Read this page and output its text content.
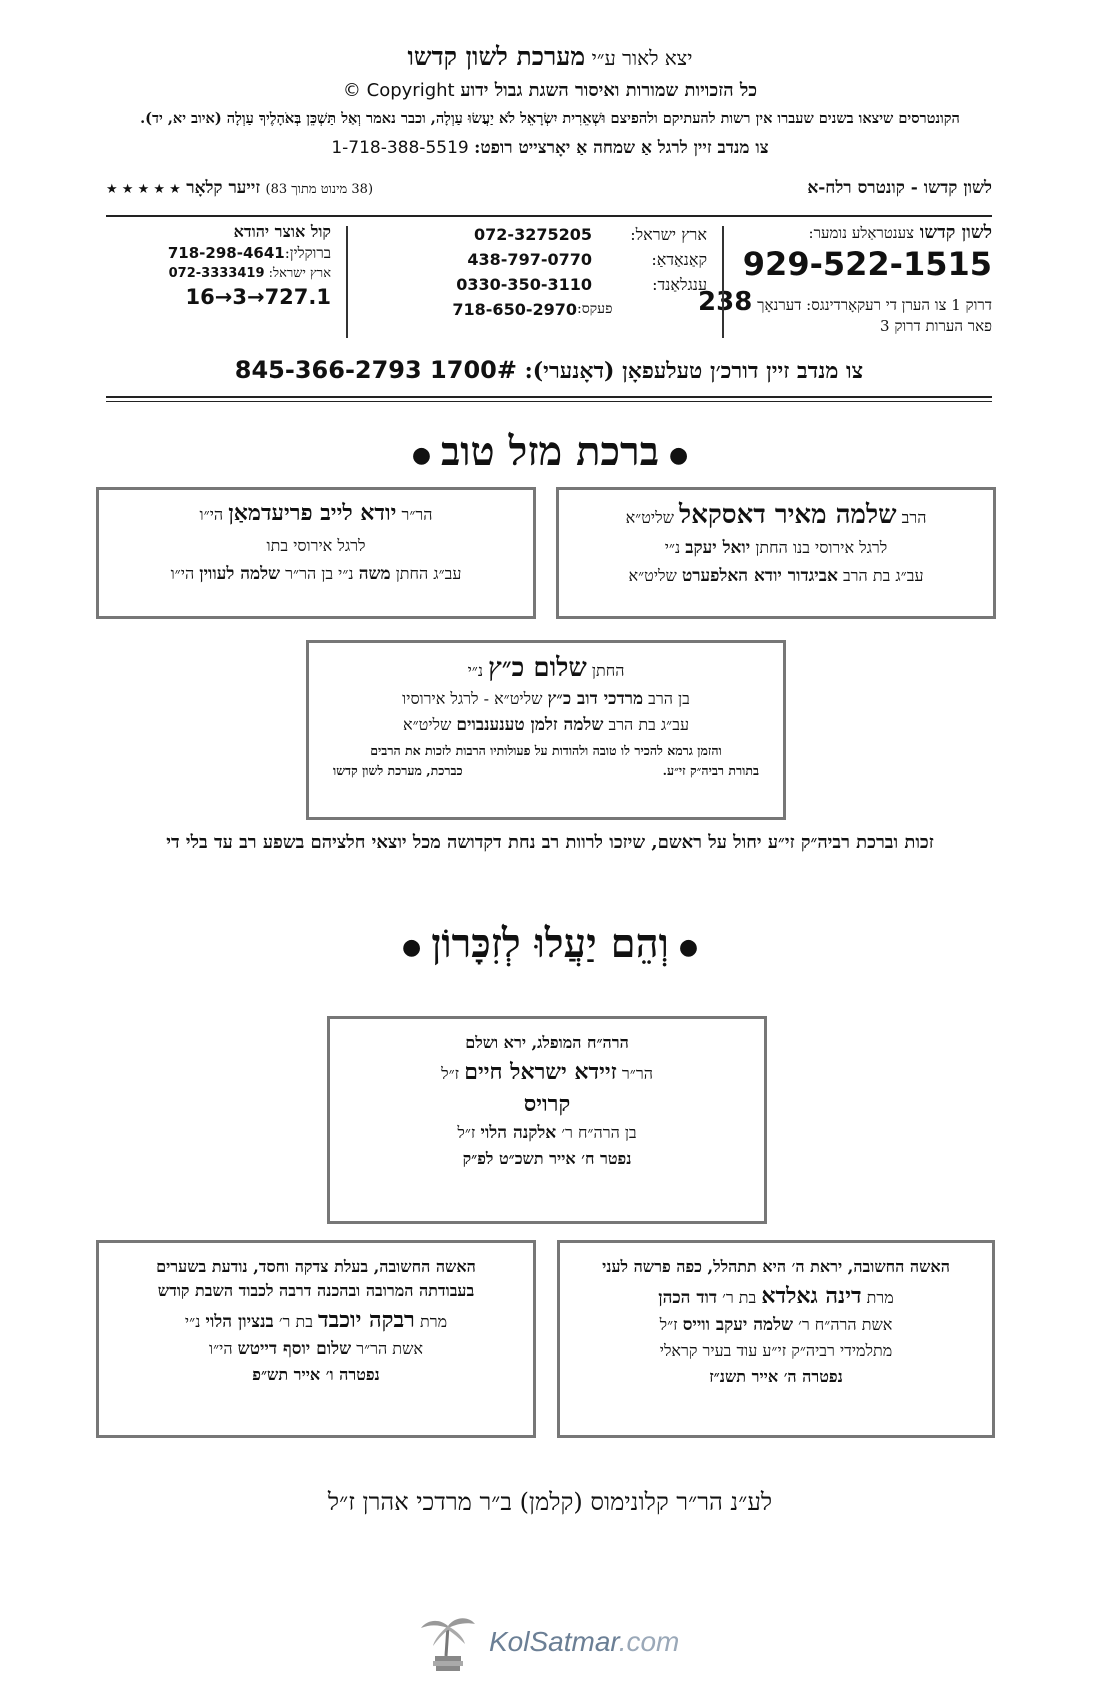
יצא לאור ע״י מערכת לשון קדשו
כל הזכויות שמורות ואיסור השגת גבול ידוע Copyright ©
הקונטרסים שיצאו בשנים שעברו אין רשות להעתיקם ולהפיצם וּשְׁאֵרִית יִשְׂרָאֵל לֹא יַעֲשׂוּ עַוְלָה, וכבר נאמר וְאַל תַּשְׁכֵּן בְּאֹהָלֶיךָ עַוְלָה (איוב יא, יד).
צו מנדב זיין לרגל אַ שמחה אַ יאָרצייט רופט: 1-718-388-5519
לשון קדשו - קונטרס רלח-א
(38 מינוט מתוך 83) זייער קלאָר ★ ★ ★ ★ ★
לשון קדשו צענטראַלע נומער:
929-522-1515
דרוק 1 צו הערן די רעקאָרדינגס: דערנאָך 238
פאר הערות דרוק 3
ארץ ישראל:
072-3275205
קאַנאַדאַ:
438-797-0770
ענגלאַנד:
0330-350-3110
פעקס:
718-650-2970
קול אוצר יהודא
ברוקלין:718-298-4641
ארץ ישראל: 072-3333419
16→3→727.1
צו מנדב זיין דורכ׳ן טעלעפאָן (דאָנערי): 845-366-2793 1700#
●ברכת מזל טוב●
הרב שלמה מאיר דאסקאל שליט״א
לרגל אירוסי בנו החתן יואל יעקב נ״י
עב״ג בת הרב אביגדור יודא האלפערט שליט״א
הר״ר יודא לייב פריעדמאַן הי״ו
לרגל אירוסי בתו
עב״ג החתן משה נ״י בן הר״ר שלמה לעווין הי״ו
החתן שלום כ״ץ נ״י
בן הרב מרדכי דוב כ״ץ שליט״א - לרגל אירוסיו
עב״ג בת הרב שלמה זלמן טענענבוים שליט״א
והזמן גרמא להכיר לו טובה ולהודות על פעולותיו הרבות לזכות את הרבים
בתורת רביה״ק זי״ע.
כברכת, מערכת לשון קדשו
זכות וברכת רביה״ק זי״ע יחול על ראשם, שיזכו לרוות רב נחת דקדושה מכל יוצאי חלציהם בשפע רב עד בלי די
●וְהֵם יַעֲלוּ לְזִכָּרוֹן●
הרה״ח המופלג, ירא ושלם
הר״ר זיידא ישראל חיים ז״ל
קרויס
בן הרה״ח ר׳ אלקנה הלוי ז״ל
נפטר ח׳ אייר תשכ״ט לפ״ק
האשה החשובה, יראת ה׳ היא תתהלל, כפה פרשה לעני
מרת דינה גאלדא בת ר׳ דוד הכהן
אשת הרה״ח ר׳ שלמה יעקב ווייס ז״ל
מתלמידי רביה״ק זי״ע עוד בעיר קראלי
נפטרה ה׳ אייר תשנ״ז
האשה החשובה, בעלת צדקה וחסד, נודעת בשערים
בעבודתה המרובה ובהכנה דרבה לכבוד השבת קודש
מרת רבקה יוכבד בת ר׳ בנציון הלוי נ״י
אשת הר״ר שלום יוסף דייטש הי״ו
נפטרה ו׳ אייר תש״פ
לע״נ הר״ר קלונימוס (קלמן) ב״ר מרדכי אהרן ז״ל
KolSatmar.com
